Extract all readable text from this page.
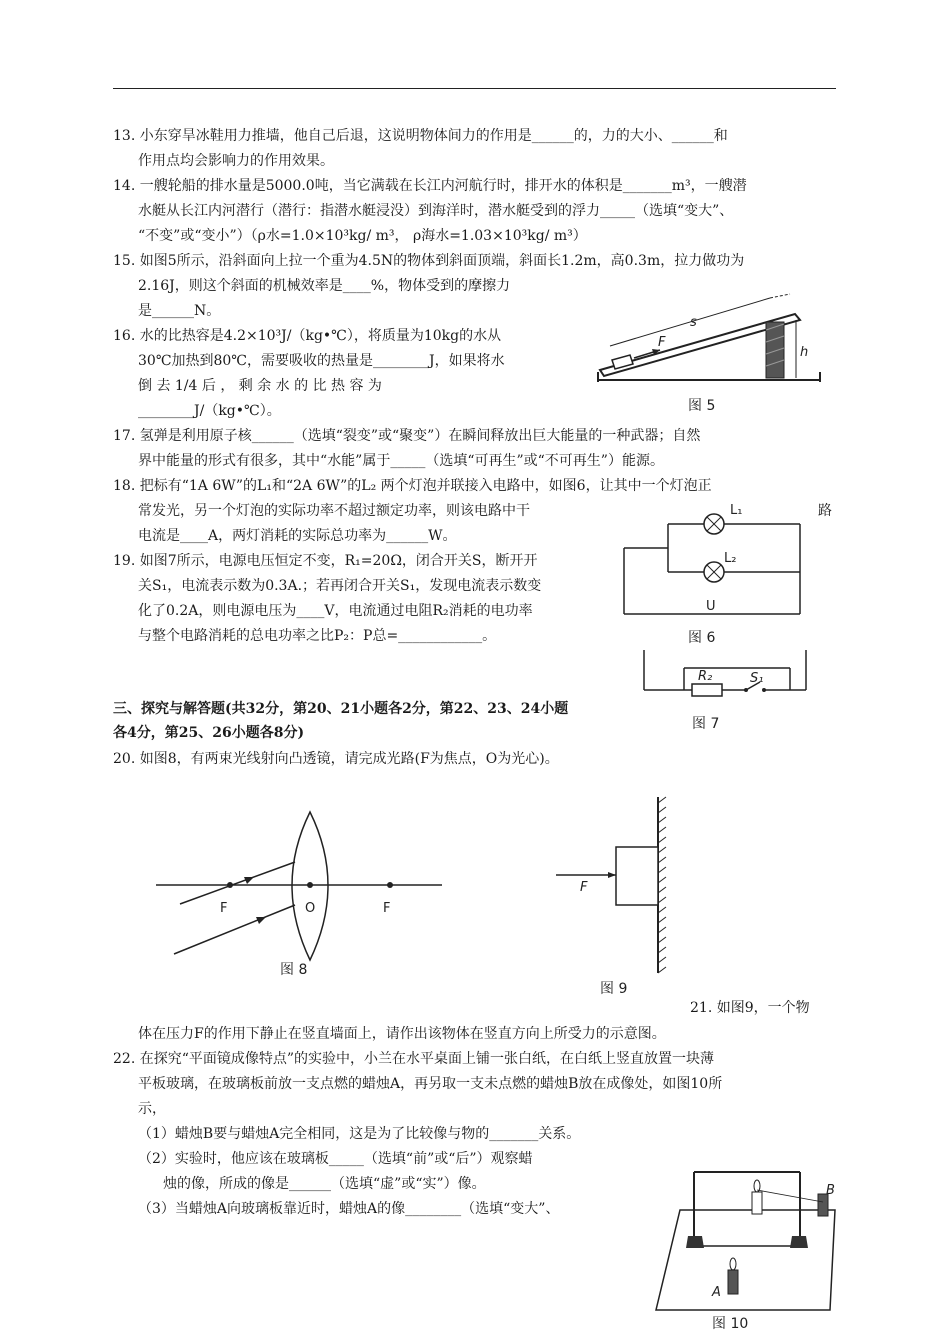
13. 小东穿旱冰鞋用力推墙，他自己后退，这说明物体间力的作用是______的，力的大小、______和
作用点均会影响力的作用效果。
14. 一艘轮船的排水量是5000.0吨，当它满载在长江内河航行时，排开水的体积是_______m³，一艘潜
水艇从长江内河潜行（潜行：指潜水艇浸没）到海洋时，潜水艇受到的浮力_____（选填“变大”、
“不变”或“变小”）（ρ水=1.0×10³kg/ m³， ρ海水=1.03×10³kg/ m³）
15. 如图5所示，沿斜面向上拉一个重为4.5N的物体到斜面顶端，斜面长1.2m，高0.3m，拉力做功为
2.16J，则这个斜面的机械效率是____%，物体受到的摩擦力
是______N。
16. 水的比热容是4.2×10³J/（kg•℃），将质量为10kg的水从
30℃加热到80℃，需要吸收的热量是________J，如果将水
倒 去 1/4 后 ， 剩 余 水 的 比 热 容 为
________J/（kg•℃）。
17. 氢弹是利用原子核______（选填“裂变”或“聚变”）在瞬间释放出巨大能量的一种武器；自然
界中能量的形式有很多，其中“水能”属于_____（选填“可再生”或“不可再生”）能源。
18. 把标有“1A 6W”的L₁和“2A 6W”的L₂ 两个灯泡并联接入电路中，如图6，让其中一个灯泡正
常发光，另一个灯泡的实际功率不超过额定功率，则该电路中干	路
电流是____A，两灯消耗的实际总功率为______W。
19. 如图7所示，电源电压恒定不变，R₁=20Ω，闭合开关S，断开开
关S₁，电流表示数为0.3A.；若再闭合开关S₁，发现电流表示数变
化了0.2A，则电源电压为____V，电流通过电阻R₂消耗的电功率
与整个电路消耗的总电功率之比P₂：P总=____________。
三、探究与解答题(共32分，第20、21小题各2分，第22、23、24小题
各4分，第25、26小题各8分)
20. 如图8，有两束光线射向凸透镜，请完成光路(F为焦点，O为光心)。
21. 如图9，一个物
体在压力F的作用下静止在竖直墙面上，请作出该物体在竖直方向上所受力的示意图。
22. 在探究“平面镜成像特点”的实验中，小兰在水平桌面上铺一张白纸，在白纸上竖直放置一块薄
平板玻璃，在玻璃板前放一支点燃的蜡烛A，再另取一支未点燃的蜡烛B放在成像处，如图10所
示，
（1）蜡烛B要与蜡烛A完全相同，这是为了比较像与物的_______关系。
（2）实验时，他应该在玻璃板_____（选填“前”或“后”）观察蜡
烛的像，所成的像是______（选填“虚”或“实”）像。
（3）当蜡烛A向玻璃板靠近时，蜡烛A的像________（选填“变大”、
F
s
h
图 5
L₁
L₂
U
图 6
R₂	S₁
图 7
F	O	F
图 8
F
图 9
B
A
图 10
